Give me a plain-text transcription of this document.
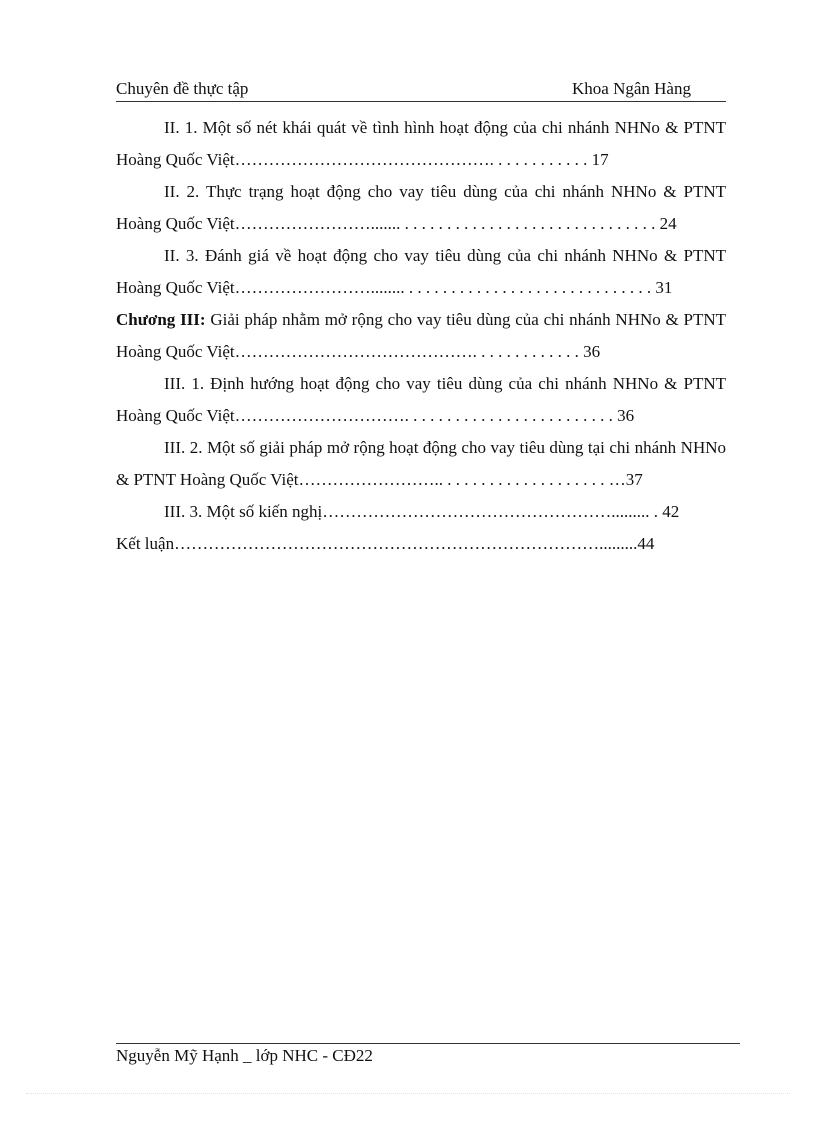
Chuyên đề thực tập	Khoa Ngân Hàng
II. 1. Một số nét khái quát về tình hình hoạt động của chi nhánh NHNo & PTNT Hoàng Quốc Việt………………………………………. . . . . . . . . . . . 17
II. 2. Thực trạng hoạt động cho vay tiêu dùng của chi nhánh NHNo & PTNT Hoàng Quốc Việt……………………....... . . . . . . . . . . . . . . . . . . . . . . . . . . . . . . 24
II. 3. Đánh giá về hoạt động cho vay tiêu dùng của chi nhánh NHNo & PTNT Hoàng Quốc Việt……………………........ . . . . . . . . . . . . . . . . . . . . . . . . . . . . . 31
Chương III: Giải pháp nhằm mở rộng cho vay tiêu dùng của chi nhánh NHNo & PTNT Hoàng Quốc Việt……………………………………. . . . . . . . . . . . . 36
III. 1. Định hướng hoạt động cho vay tiêu dùng của chi nhánh NHNo & PTNT Hoàng Quốc Việt…………………………. . . . . . . . . . . . . . . . . . . . . . . . . 36
III. 2. Một số giải pháp mở rộng hoạt động cho vay tiêu dùng tại chi nhánh NHNo & PTNT Hoàng Quốc Việt…………………….. . . . . . . . . . . . . . . . . . . . …37
III. 3. Một số kiến nghị……………………………………………......... . 42
Kết luận………………………………………………………………….........44
Nguyễn Mỹ Hạnh _ lớp NHC - CĐ22
